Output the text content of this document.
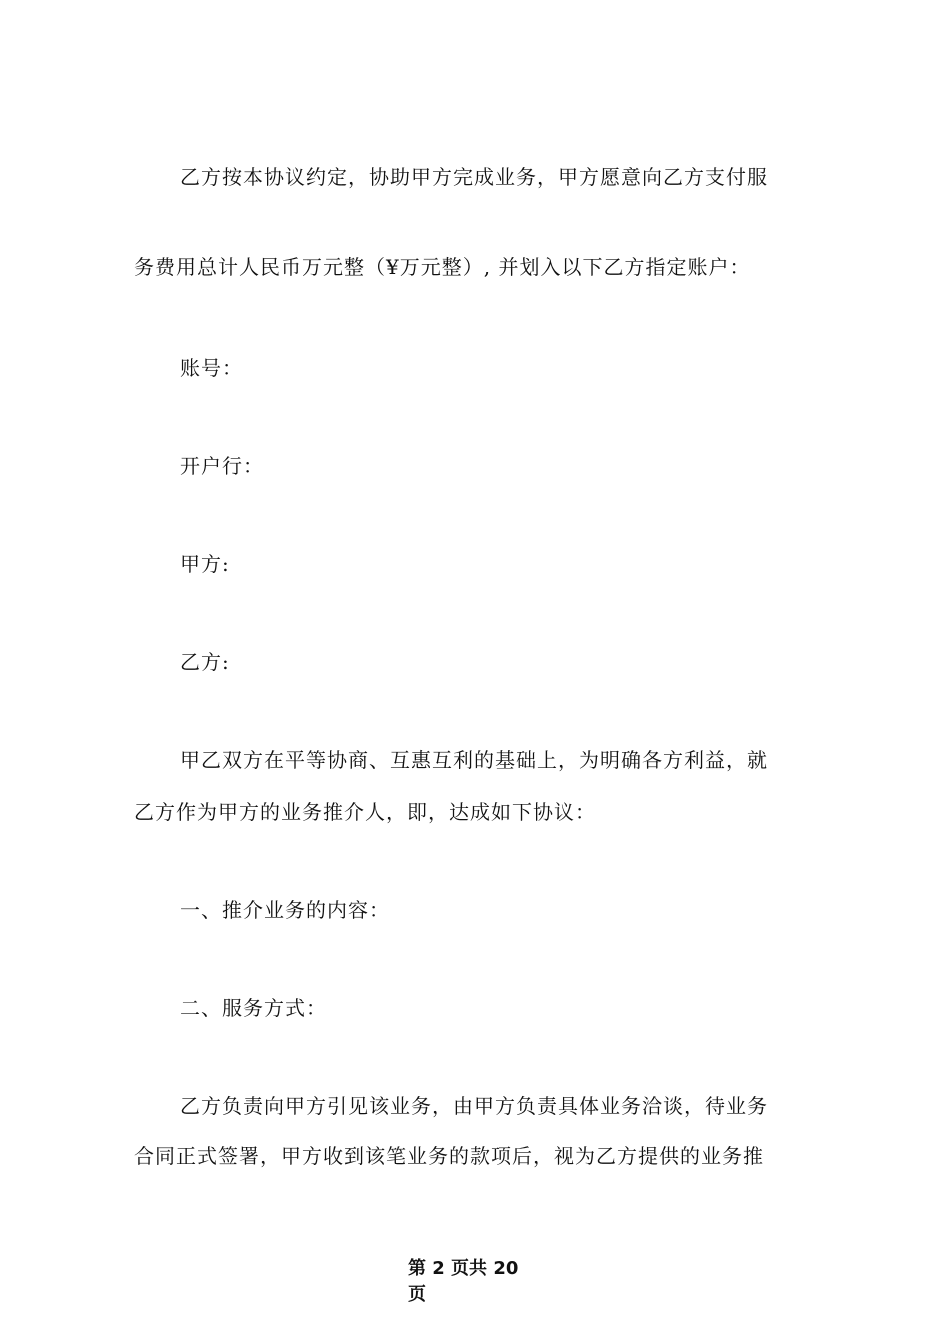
乙方按本协议约定，协助甲方完成业务，甲方愿意向乙方支付服
务费用总计人民币万元整（¥万元整）, 并划入以下乙方指定账户：
账号：
开户行：
甲方:
乙方:
甲乙双方在平等协商、互惠互利的基础上，为明确各方利益，就
乙方作为甲方的业务推介人，即，达成如下协议：
一、推介业务的内容：
二、服务方式：
乙方负责向甲方引见该业务，由甲方负责具体业务洽谈，待业务
合同正式签署，甲方收到该笔业务的款项后，视为乙方提供的业务推
第 2 页共 20
页
